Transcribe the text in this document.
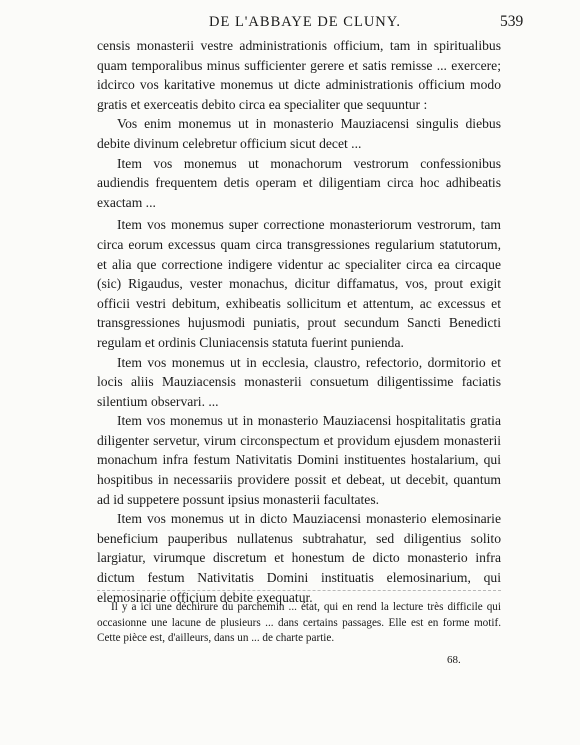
DE L'ABBAYE DE CLUNY.	539

censis monasterii vestre administrationis officium, tam in spiritualibus quam temporalibus minus sufficienter gerere et satis remisse ... exercere; idcirco vos karitative monemus ut dicte administrationis officium modo gratis et exerceatis debito circa ea specialiter que sequuntur :

Vos enim monemus ut in monasterio Mauziacensi singulis diebus debite divinum celebretur officium sicut decet ...

Item vos monemus ut monachorum vestrorum confessionibus audiendis frequentem detis operam et diligentiam circa hoc adhibeatis exactam ...

Item vos monemus super correctione monasteriorum vestrorum, tam circa eorum excessus quam circa transgressiones regularium statutorum, et alia que correctione indigere videntur ac specialiter circa ea circaque (sic) Rigaudus, vester monachus, dicitur diffamatus, vos, prout exigit officii vestri debitum, exhibeatis sollicitum et attentum, ac excessus et transgressiones hujusmodi puniatis, prout secundum Sancti Benedicti regulam et ordinis Cluniacensis statuta fuerint punienda.

Item vos monemus ut in ecclesia, claustro, refectorio, dormitorio et locis aliis Mauziacensis monasterii consuetum diligentissime faciatis silentium observari. ...

Item vos monemus ut in monasterio Mauziacensi hospitalitatis gratia diligenter servetur, virum circonspectum et providum ejusdem monasterii monachum infra festum Nativitatis Domini instituentes hostalarium, qui hospitibus in necessariis providere possit et debeat, ut decebit, quantum ad id suppetere possunt ipsius monasterii facultates.

Item vos monemus ut in dicto Mauziacensi monasterio elemosinarie beneficium pauperibus nullatenus subtrahatur, sed diligentius solito largiatur, virumque discretum et honestum de dicto monasterio infra dictum festum Nativitatis Domini instituatis elemosinarium, qui elemosinarie officium debite exequatur.

Il y a ici une déchirure du parchemin ... état, qui en rend la lecture très difficile qui occasionne une lacune de plusieurs ... dans certains passages. Elle est en forme motif. Cette pièce est, d'ailleurs, dans un ... de charte partie.

68.
